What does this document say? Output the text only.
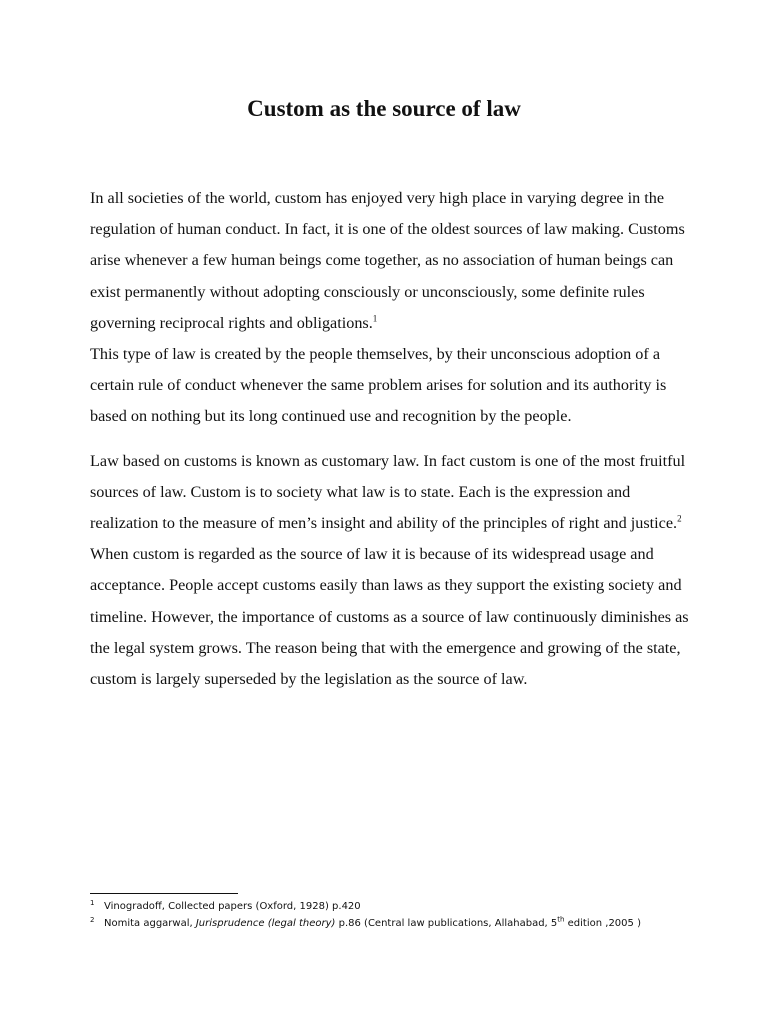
Custom as the source of law

In all societies of the world, custom has enjoyed very high place in varying degree in the regulation of human conduct. In fact, it is one of the oldest sources of law making. Customs arise whenever a few human beings come together, as no association of human beings can exist permanently without adopting consciously or unconsciously, some definite rules governing reciprocal rights and obligations.$^1$
This type of law is created by the people themselves, by their unconscious adoption of a certain rule of conduct whenever the same problem arises for solution and its authority is based on nothing but its long continued use and recognition by the people.

Law based on customs is known as customary law. In fact custom is one of the most fruitful sources of law. Custom is to society what law is to state. Each is the expression and realization to the measure of men’s insight and ability of the principles of right and justice.$^2$ When custom is regarded as the source of law it is because of its widespread usage and acceptance. People accept customs easily than laws as they support the existing society and timeline. However, the importance of customs as a source of law continuously diminishes as the legal system grows. The reason being that with the emergence and growing of the state, custom is largely superseded by the legislation as the source of law.

1 Vinogradoff, Collected papers (Oxford, 1928) p.420
2 Nomita aggarwal, Jurisprudence (legal theory) p.86 (Central law publications, Allahabad, 5th edition ,2005 )
